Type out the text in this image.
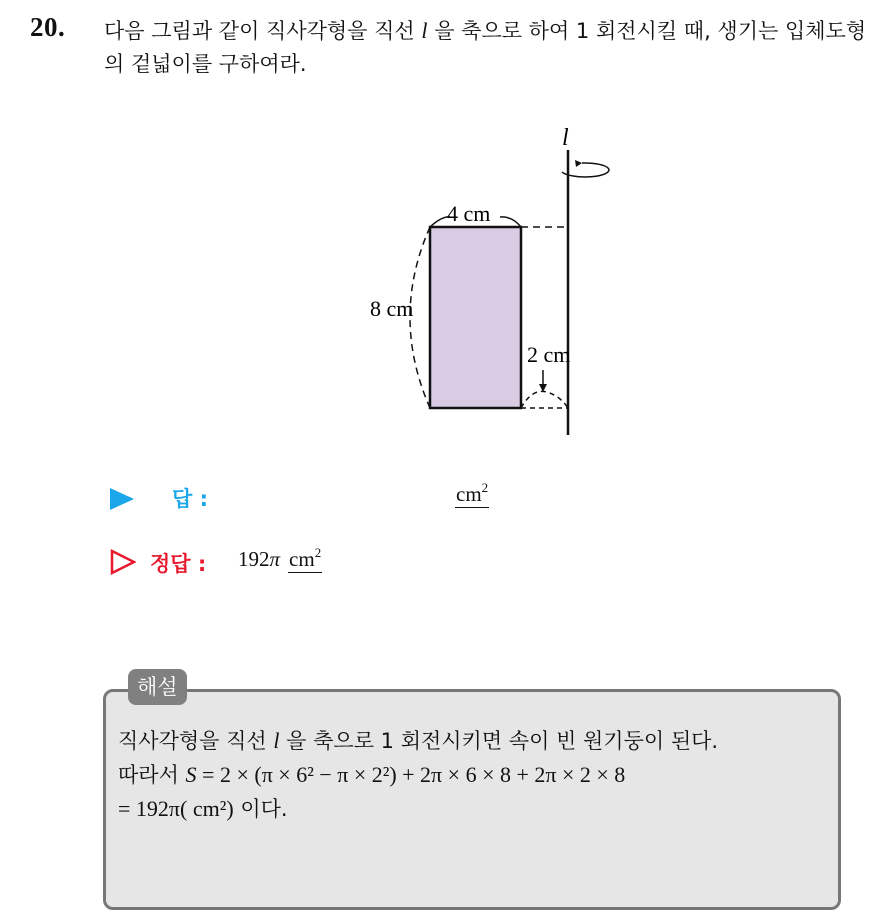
20. 다음 그림과 같이 직사각형을 직선 l 을 축으로 하여 1 회전시킬 때, 생기는 입체도형의 겉넓이를 구하여라.
l
4 cm
8 cm
2 cm
답 :	$cm^2$
정답 : 192π $cm^2$
해설
직사각형을 직선 l 을 축으로 1 회전시키면 속이 빈 원기둥이 된다.
따라서 S = 2 × (π × 6² − π × 2²) + 2π × 6 × 8 + 2π × 2 × 8
= 192π( cm²) 이다.
